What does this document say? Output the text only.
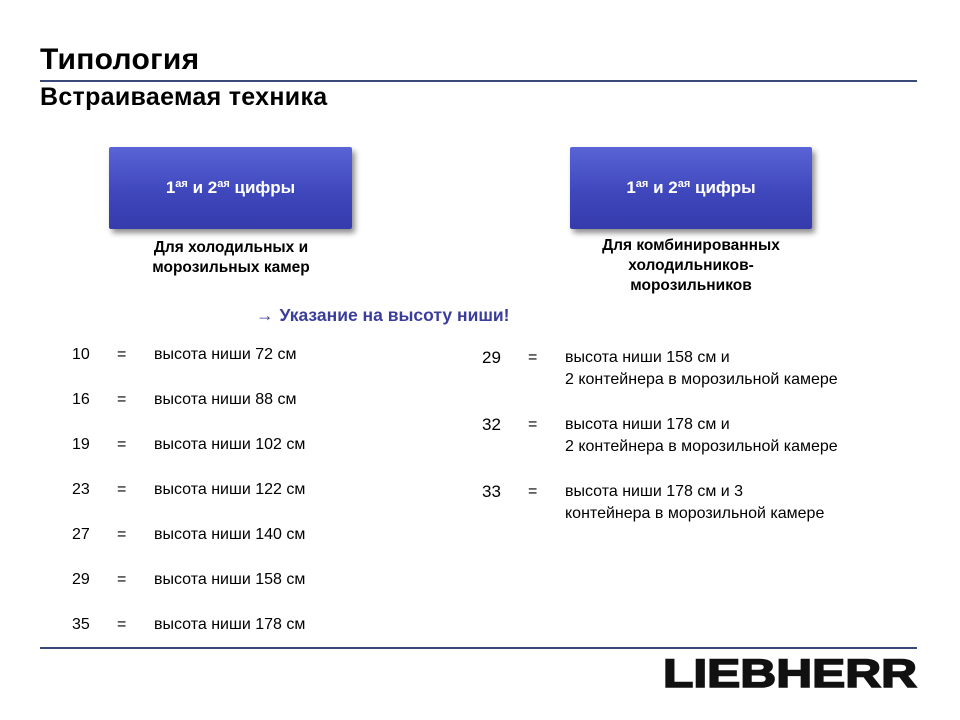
Типология
Встраиваемая техника
$1^{ая}$ и $2^{ая}$ цифры	$1^{ая}$ и $2^{ая}$ цифры
Для холодильных и
морозильных камер
Для комбинированных
холодильников-
морозильников
→ Указание на высоту ниши!
10	= высота ниши 72 см
16	= высота ниши 88 см
19	= высота ниши 102 см
23	= высота ниши 122 см
27	= высота ниши 140 см
29	= высота ниши 158 см
35	= высота ниши 178 см
29 = высота ниши 158 см и
2 контейнера в морозильной камере
32 = высота ниши 178 см и
2 контейнера в морозильной камере
33 = высота ниши 178 см и 3
контейнера в морозильной камере
LIEBHERR
